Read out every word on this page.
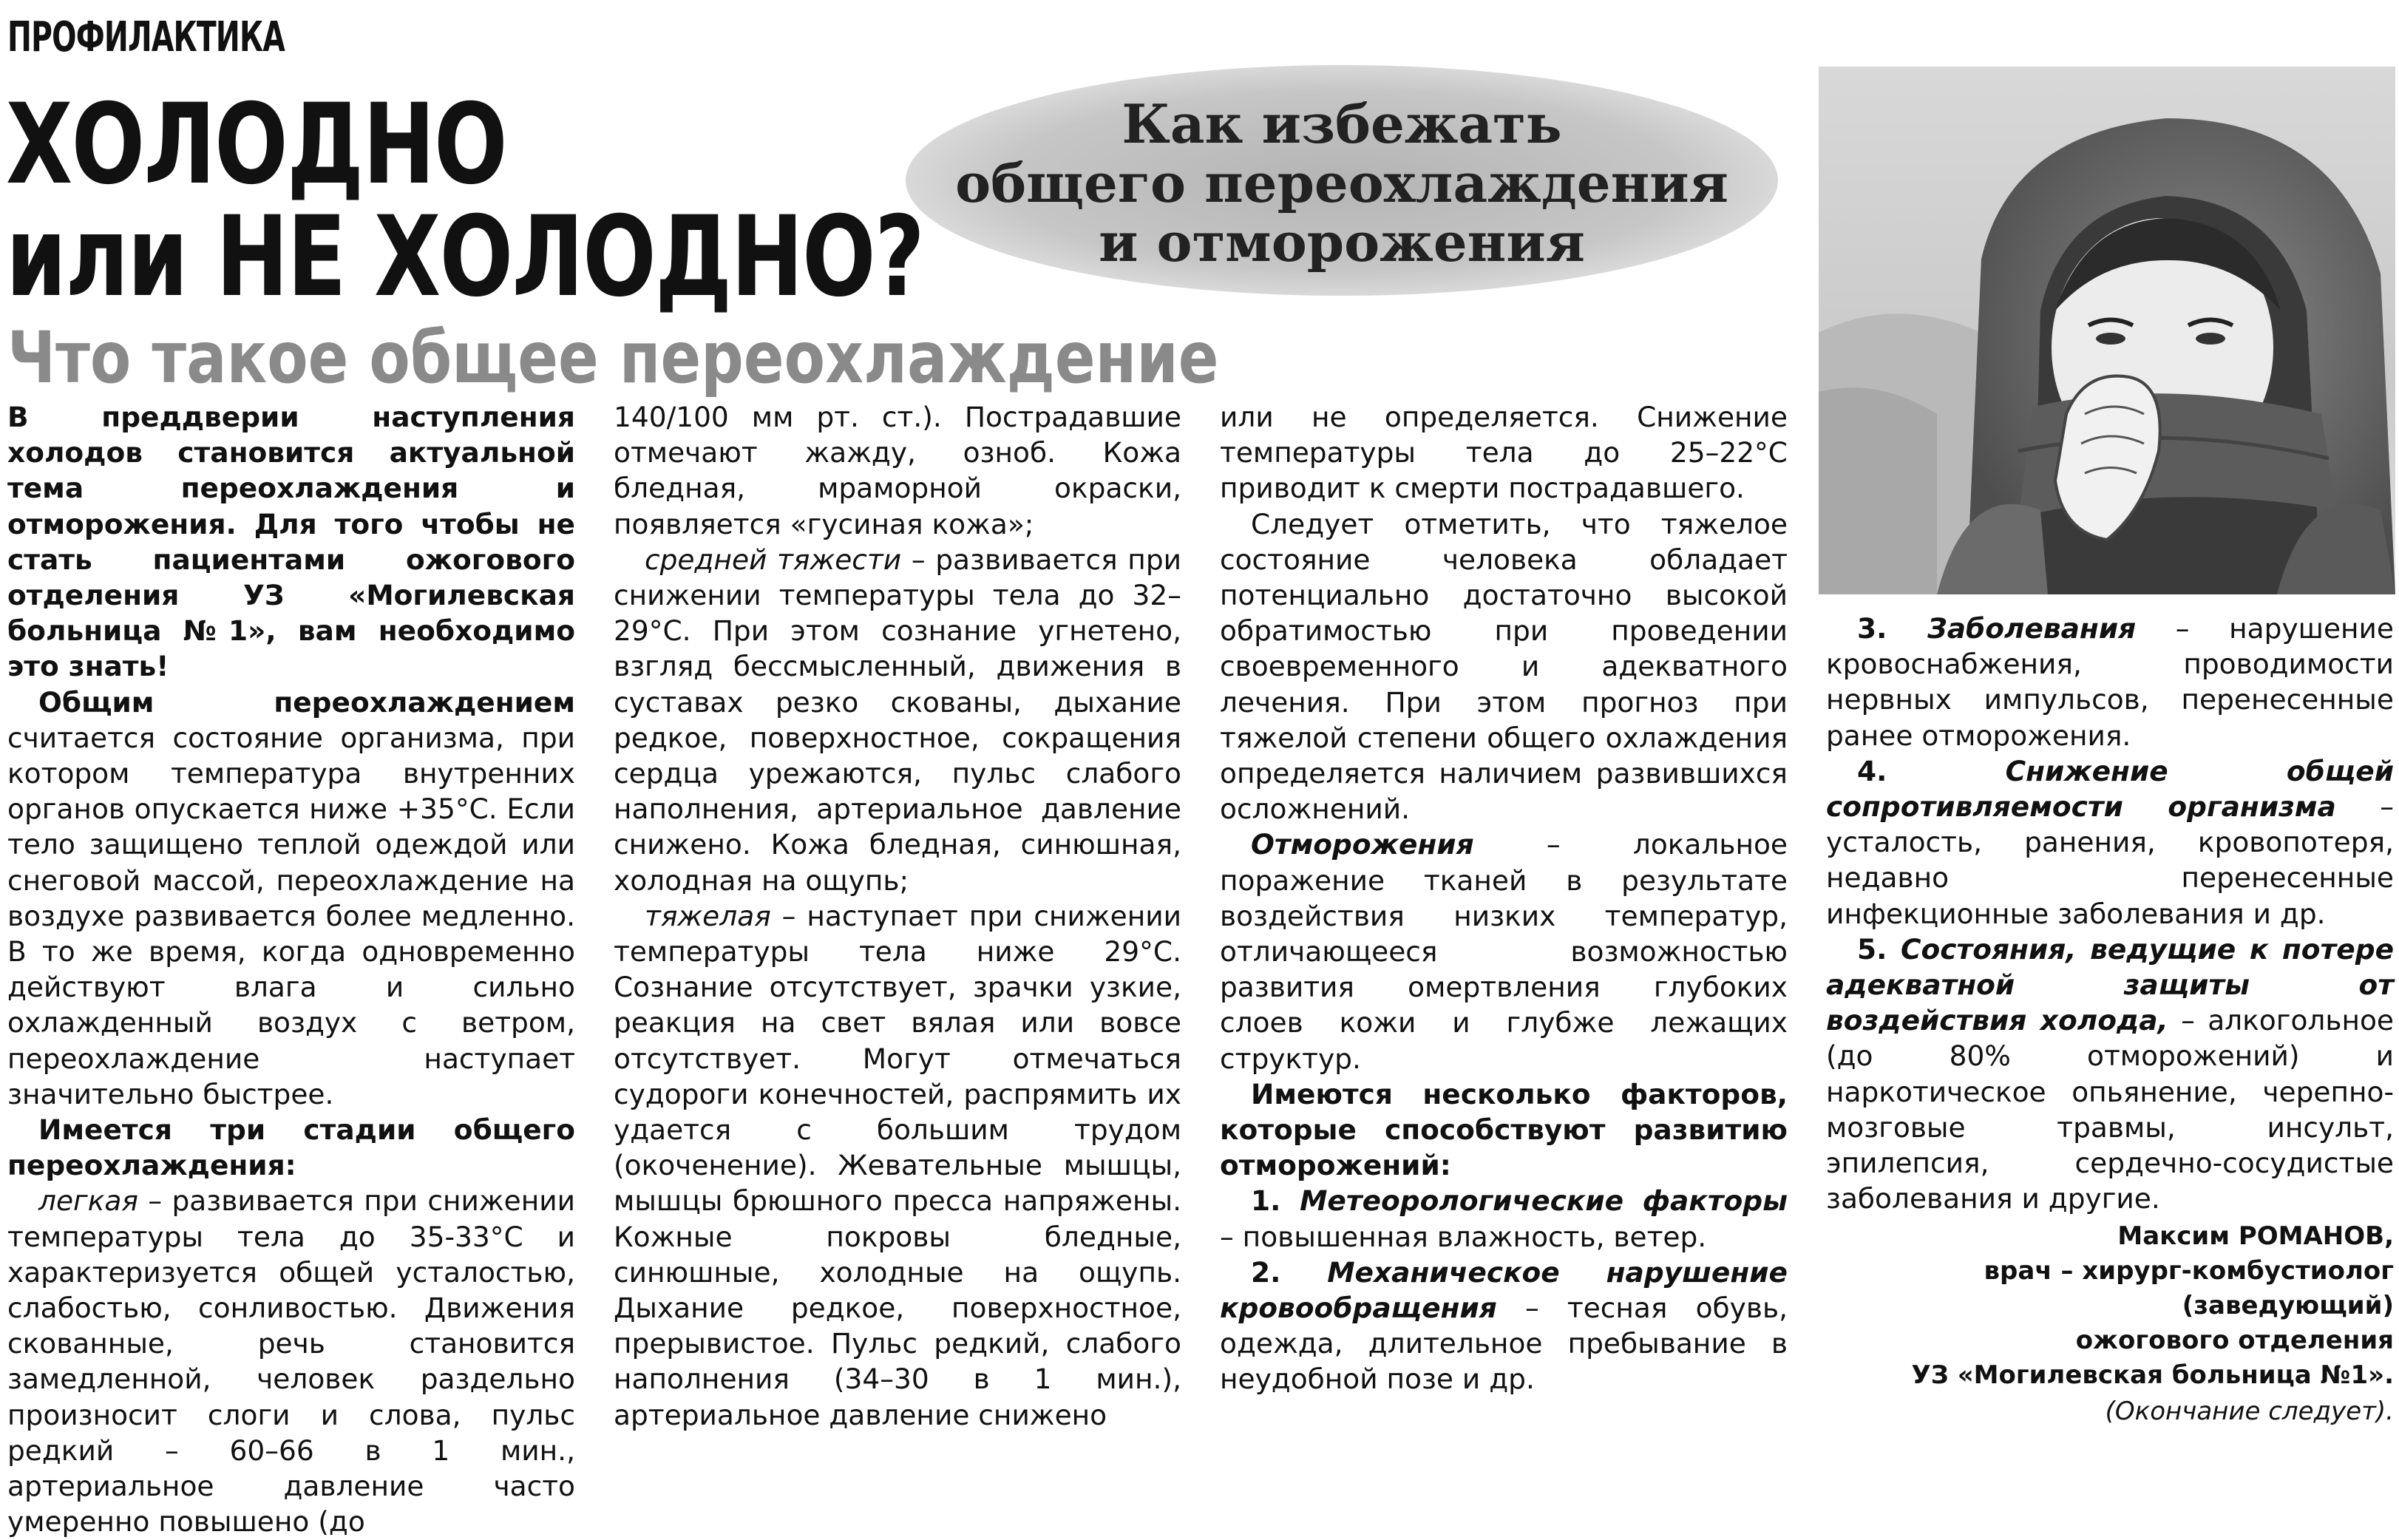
ПРОФИЛАКТИКА
ХОЛОДНО
или НЕ ХОЛОДНО?
Что такое общее переохлаждение
Как избежать
общего переохлаждения
и отморожения

В преддверии наступления холодов становится актуальной тема переохлаждения и отморожения. Для того чтобы не стать пациентами ожогового отделения УЗ «Могилевская больница №1», вам необходимо это знать!

Общим переохлаждением считается состояние организма, при котором температура внутренних органов опускается ниже +35°С. Если тело защищено теплой одеждой или снеговой массой, переохлаждение на воздухе развивается более медленно. В то же время, когда одновременно действуют влага и сильно охлажденный воздух с ветром, переохлаждение наступает значительно быстрее.

Имеется три стадии общего переохлаждения:

легкая – развивается при снижении температуры тела до 35-33°С и характеризуется общей усталостью, слабостью, сонливостью. Движения скованные, речь становится замедленной, человек раздельно произносит слоги и слова, пульс редкий – 60–66 в 1 мин., артериальное давление часто умеренно повышено (до

140/100 мм рт. ст.). Пострадавшие отмечают жажду, озноб. Кожа бледная, мраморной окраски, появляется «гусиная кожа»;

средней тяжести – развивается при снижении температуры тела до 32–29°С. При этом сознание угнетено, взгляд бессмысленный, движения в суставах резко скованы, дыхание редкое, поверхностное, сокращения сердца урежаются, пульс слабого наполнения, артериальное давление снижено. Кожа бледная, синюшная, холодная на ощупь;

тяжелая – наступает при снижении температуры тела ниже 29°С. Сознание отсутствует, зрачки узкие, реакция на свет вялая или вовсе отсутствует. Могут отмечаться судороги конечностей, распрямить их удается с большим трудом (окоченение). Жевательные мышцы, мышцы брюшного пресса напряжены. Кожные покровы бледные, синюшные, холодные на ощупь. Дыхание редкое, поверхностное, прерывистое. Пульс редкий, слабого наполнения (34–30 в 1 мин.), артериальное давление снижено

или не определяется. Снижение температуры тела до 25–22°С приводит к смерти пострадавшего.

Следует отметить, что тяжелое состояние человека обладает потенциально достаточно высокой обратимостью при проведении своевременного и адекватного лечения. При этом прогноз при тяжелой степени общего охлаждения определяется наличием развившихся осложнений.

Отморожения – локальное поражение тканей в результате воздействия низких температур, отличающееся возможностью развития омертвления глубоких слоев кожи и глубже лежащих структур.

Имеются несколько факторов, которые способствуют развитию отморожений:

1. Метеорологические факторы – повышенная влажность, ветер.

2. Механическое нарушение кровообращения – тесная обувь, одежда, длительное пребывание в неудобной позе и др.

3. Заболевания – нарушение кровоснабжения, проводимости нервных импульсов, перенесенные ранее отморожения.

4. Снижение общей сопротивляемости организма – усталость, ранения, кровопотеря, недавно перенесенные инфекционные заболевания и др.

5. Состояния, ведущие к потере адекватной защиты от воздействия холода, – алкогольное (до 80% отморожений) и наркотическое опьянение, черепно-мозговые травмы, инсульт, эпилепсия, сердечно-сосудистые заболевания и другие.

Максим РОМАНОВ,
врач – хирург-комбустиолог (заведующий)
ожогового отделения
УЗ «Могилевская больница №1».
(Окончание следует).
